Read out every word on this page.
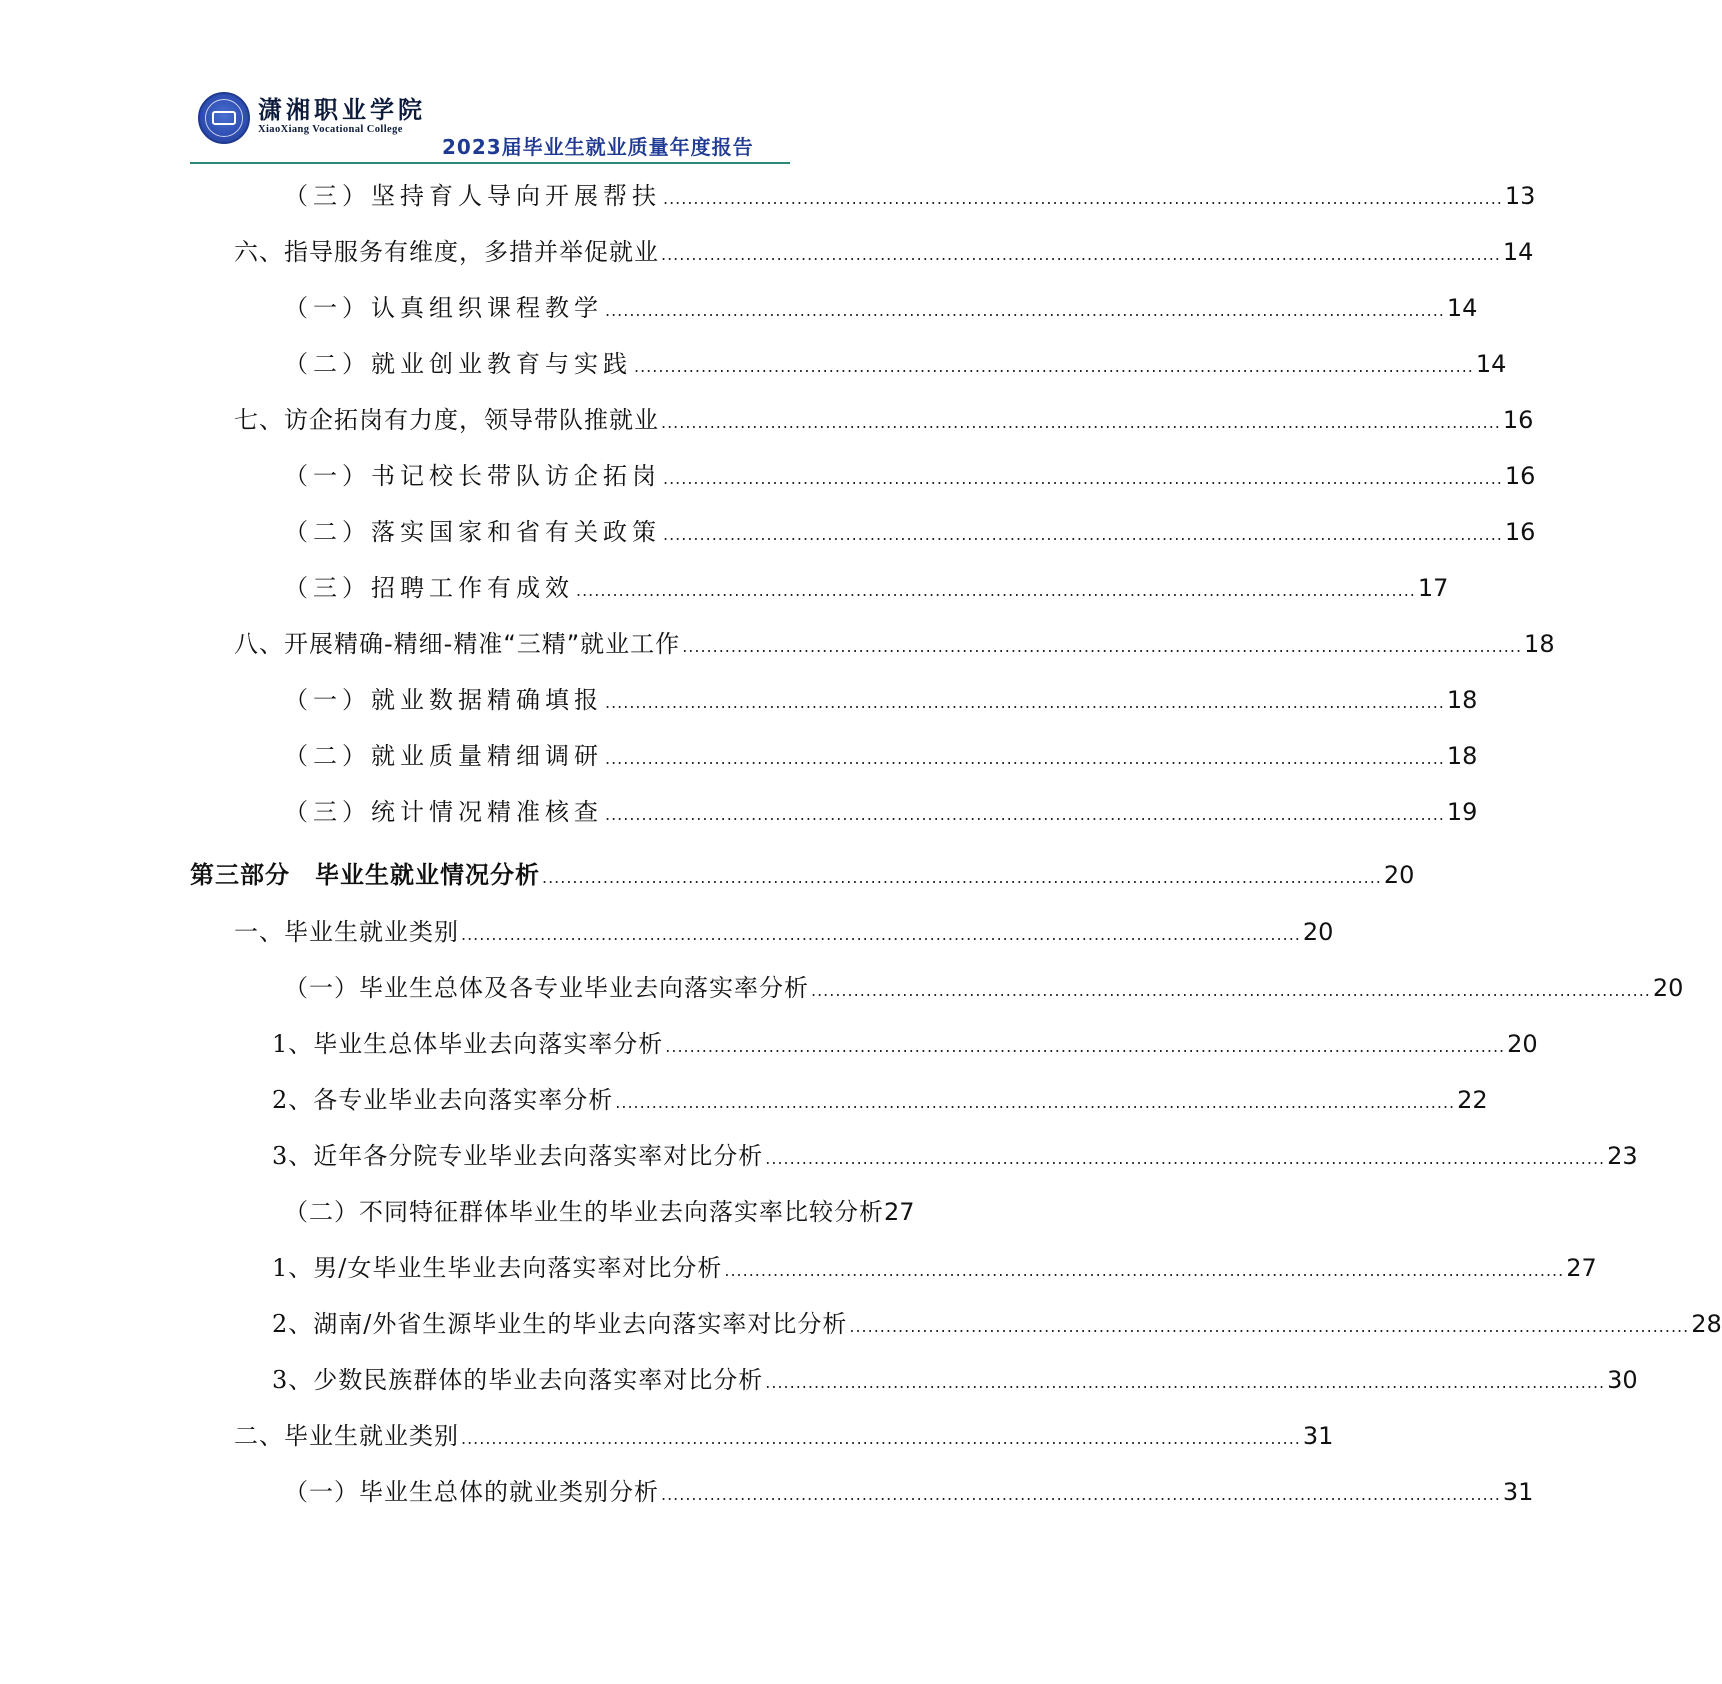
潇湘职业学院
XiaoXiang Vocational College
2023届毕业生就业质量年度报告
（三）坚持育人导向开展帮扶 .......................................................................................................................................... 13
六、指导服务有维度，多措并举促就业 .......................................................................................................................................... 14
（一）认真组织课程教学 .......................................................................................................................................... 14
（二）就业创业教育与实践 .......................................................................................................................................... 14
七、访企拓岗有力度，领导带队推就业 .......................................................................................................................................... 16
（一）书记校长带队访企拓岗 .......................................................................................................................................... 16
（二）落实国家和省有关政策 .......................................................................................................................................... 16
（三）招聘工作有成效 .......................................................................................................................................... 17
八、开展精确-精细-精准“三精”就业工作 .......................................................................................................................................... 18
（一）就业数据精确填报 .......................................................................................................................................... 18
（二）就业质量精细调研 .......................................................................................................................................... 18
（三）统计情况精准核查 .......................................................................................................................................... 19
第三部分　毕业生就业情况分析 .......................................................................................................................................... 20
一、毕业生就业类别 .......................................................................................................................................... 20
（一）毕业生总体及各专业毕业去向落实率分析 .......................................................................................................................................... 20
1、毕业生总体毕业去向落实率分析 .......................................................................................................................................... 20
2、各专业毕业去向落实率分析 .......................................................................................................................................... 22
3、近年各分院专业毕业去向落实率对比分析 .......................................................................................................................................... 23
（二）不同特征群体毕业生的毕业去向落实率比较分析 27
1、男/女毕业生毕业去向落实率对比分析 .......................................................................................................................................... 27
2、湖南/外省生源毕业生的毕业去向落实率对比分析 .......................................................................................................................................... 28
3、少数民族群体的毕业去向落实率对比分析 .......................................................................................................................................... 30
二、毕业生就业类别 .......................................................................................................................................... 31
（一）毕业生总体的就业类别分析 .......................................................................................................................................... 31
